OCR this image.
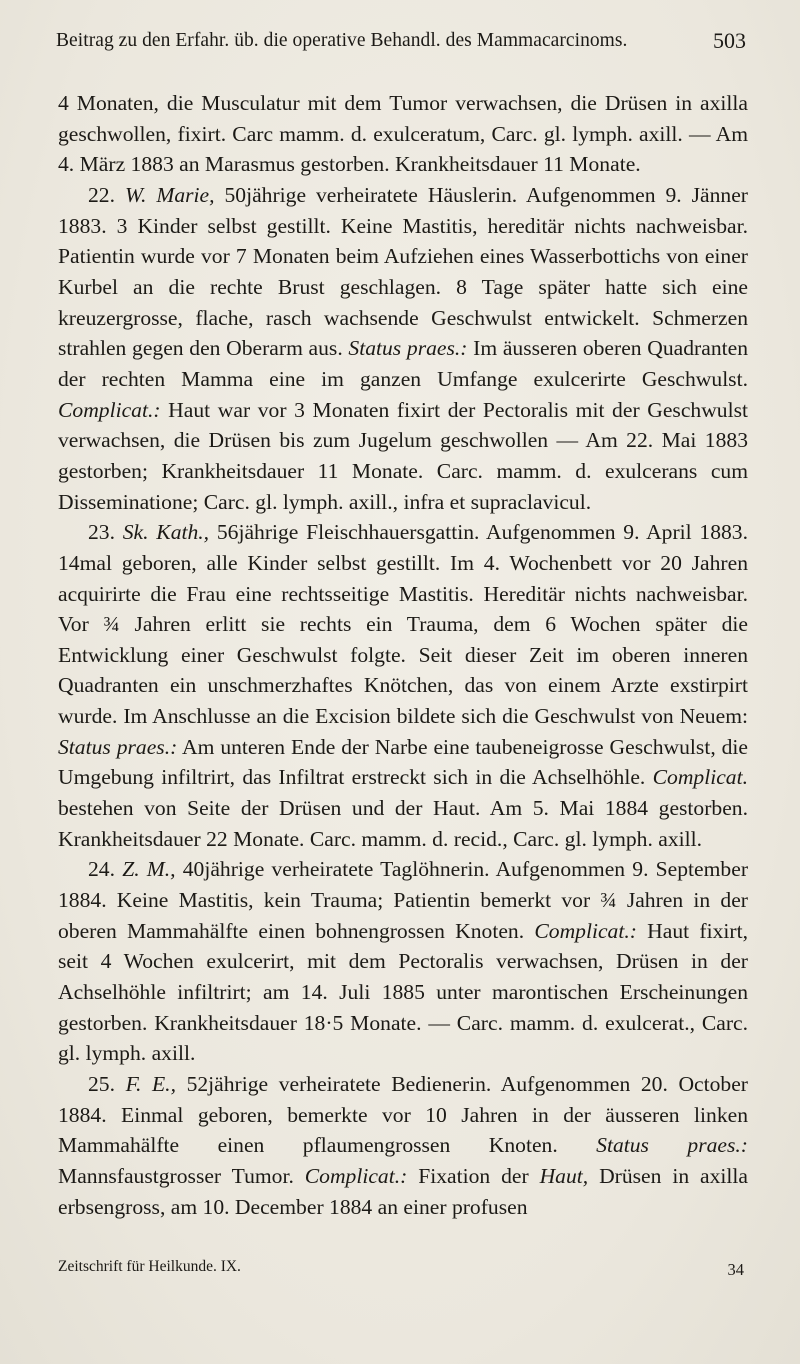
Beitrag zu den Erfahr. üb. die operative Behandl. des Mammacarcinoms.	503

4 Monaten, die Musculatur mit dem Tumor verwachsen, die Drüsen in axilla geschwollen, fixirt. Carc mamm. d. exulceratum, Carc. gl. lymph. axill. — Am 4. März 1883 an Marasmus gestorben. Krankheitsdauer 11 Monate.

22. W. Marie, 50jährige verheiratete Häuslerin. Aufgenommen 9. Jänner 1883. 3 Kinder selbst gestillt. Keine Mastitis, hereditär nichts nachweisbar. Patientin wurde vor 7 Monaten beim Aufziehen eines Wasserbottichs von einer Kurbel an die rechte Brust geschlagen. 8 Tage später hatte sich eine kreuzergrosse, flache, rasch wachsende Geschwulst entwickelt. Schmerzen strahlen gegen den Oberarm aus. Status praes.: Im äusseren oberen Quadranten der rechten Mamma eine im ganzen Umfange exulcerirte Geschwulst. Complicat.: Haut war vor 3 Monaten fixirt der Pectoralis mit der Geschwulst verwachsen, die Drüsen bis zum Jugelum geschwollen — Am 22. Mai 1883 gestorben; Krankheitsdauer 11 Monate. Carc. mamm. d. exulcerans cum Disseminatione; Carc. gl. lymph. axill., infra et supraclavicul.

23. Sk. Kath., 56jährige Fleischhauersgattin. Aufgenommen 9. April 1883. 14mal geboren, alle Kinder selbst gestillt. Im 4. Wochenbett vor 20 Jahren acquirirte die Frau eine rechtsseitige Mastitis. Hereditär nichts nachweisbar. Vor ¾ Jahren erlitt sie rechts ein Trauma, dem 6 Wochen später die Entwicklung einer Geschwulst folgte. Seit dieser Zeit im oberen inneren Quadranten ein unschmerzhaftes Knötchen, das von einem Arzte exstirpirt wurde. Im Anschlusse an die Excision bildete sich die Geschwulst von Neuem: Status praes.: Am unteren Ende der Narbe eine taubeneigrosse Geschwulst, die Umgebung infiltrirt, das Infiltrat erstreckt sich in die Achselhöhle. Complicat. bestehen von Seite der Drüsen und der Haut. Am 5. Mai 1884 gestorben. Krankheitsdauer 22 Monate. Carc. mamm. d. recid., Carc. gl. lymph. axill.

24. Z. M., 40jährige verheiratete Taglöhnerin. Aufgenommen 9. September 1884. Keine Mastitis, kein Trauma; Patientin bemerkt vor ¾ Jahren in der oberen Mammahälfte einen bohnengrossen Knoten. Complicat.: Haut fixirt, seit 4 Wochen exulcerirt, mit dem Pectoralis verwachsen, Drüsen in der Achselhöhle infiltrirt; am 14. Juli 1885 unter marontischen Erscheinungen gestorben. Krankheitsdauer 18·5 Monate. — Carc. mamm. d. exulcerat., Carc. gl. lymph. axill.

25. F. E., 52jährige verheiratete Bedienerin. Aufgenommen 20. October 1884. Einmal geboren, bemerkte vor 10 Jahren in der äusseren linken Mammahälfte einen pflaumengrossen Knoten. Status praes.: Mannsfaustgrosser Tumor. Complicat.: Fixation der Haut, Drüsen in axilla erbsengross, am 10. December 1884 an einer profusen

Zeitschrift für Heilkunde. IX.	34
